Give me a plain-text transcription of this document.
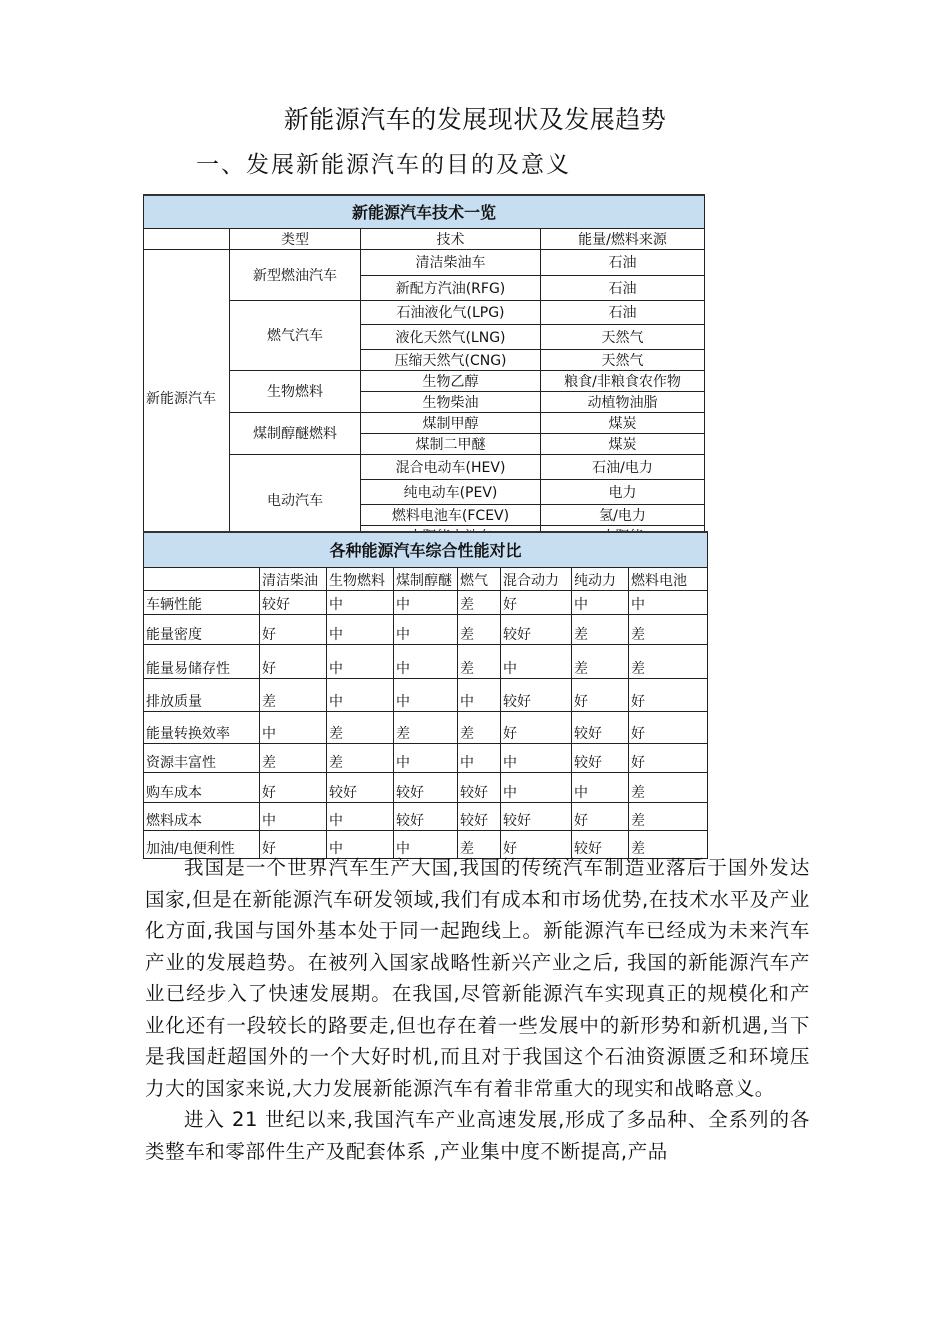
新能源汽车的发展现状及发展趋势
一、发展新能源汽车的目的及意义
新能源汽车技术一览			
	类型	技术	能量/燃料来源
新能源汽车	新型燃油汽车	清洁柴油车	石油
		新配方汽油(RFG)	石油
	燃气汽车	石油液化气(LPG)	石油
		液化天然气(LNG)	天然气
		压缩天然气(CNG)	天然气
	生物燃料	生物乙醇	粮食/非粮食农作物
		生物柴油	动植物油脂
	煤制醇醚燃料	煤制甲醇	煤炭
		煤制二甲醚	煤炭
	电动汽车	混合电动车(HEV)	石油/电力
		纯电动车(PEV)	电力
		燃料电池车(FCEV)	氢/电力

各种能源汽车综合性能对比							
	清洁柴油	生物燃料	煤制醇醚	燃气	混合动力	纯动力	燃料电池
车辆性能	较好	中	中	差	好	中	中
能量密度	好	中	中	差	较好	差	差
能量易储存性	好	中	中	差	中	差	差
排放质量	差	中	中	中	较好	好	好
能量转换效率	中	差	差	差	好	较好	好
资源丰富性	差	差	中	中	中	较好	好
购车成本	好	较好	较好	较好	中	中	差
燃料成本	中	中	较好	较好	较好	好	差
加油/电便利性	好	中	中	差	好	较好	差

我国是一个世界汽车生产大国,我国的传统汽车制造业落后于国外发达国家,但是在新能源汽车研发领域,我们有成本和市场优势,在技术水平及产业化方面,我国与国外基本处于同一起跑线上。新能源汽车已经成为未来汽车产业的发展趋势。在被列入国家战略性新兴产业之后, 我国的新能源汽车产业已经步入了快速发展期。在我国,尽管新能源汽车实现真正的规模化和产业化还有一段较长的路要走,但也存在着一些发展中的新形势和新机遇,当下是我国赶超国外的一个大好时机,而且对于我国这个石油资源匮乏和环境压力大的国家来说,大力发展新能源汽车有着非常重大的现实和战略意义。

进入 21 世纪以来,我国汽车产业高速发展,形成了多品种、全系列的各类整车和零部件生产及配套体系 ,产业集中度不断提高,产品
